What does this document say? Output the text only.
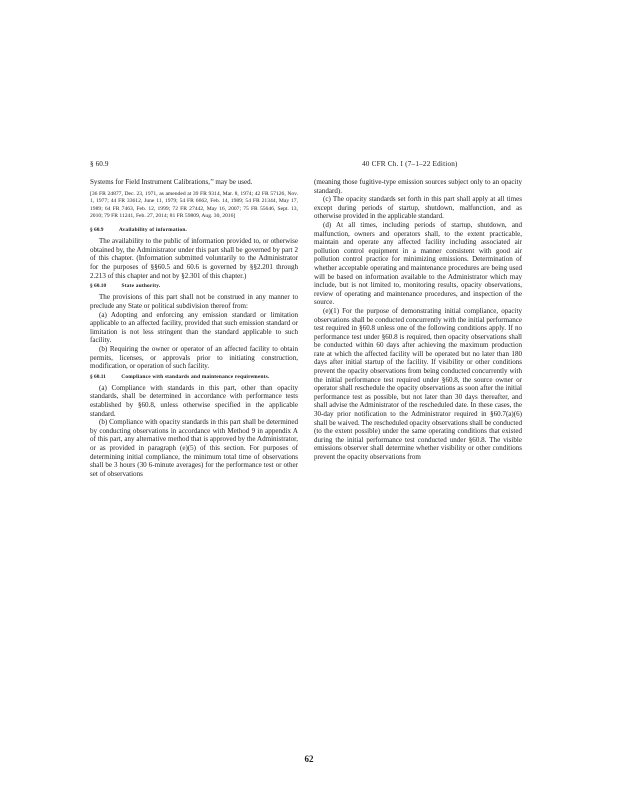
§ 60.9	40 CFR Ch. I (7–1–22 Edition)

Systems for Field Instrument Calibrations,’’ may be used.

[36 FR 24877, Dec. 23, 1971, as amended at 39 FR 9314, Mar. 8, 1974; 42 FR 57126, Nov. 1, 1977; 44 FR 33612, June 11, 1979; 54 FR 6662, Feb. 14, 1989; 54 FR 21344, May 17, 1989; 64 FR 7463, Feb. 12, 1999; 72 FR 27442, May 16, 2007; 75 FR 55646, Sept. 13, 2010; 79 FR 11241, Feb. 27, 2014; 81 FR 59809, Aug. 30, 2016]

§ 60.9	Availability of information.

The availability to the public of information provided to, or otherwise obtained by, the Administrator under this part shall be governed by part 2 of this chapter. (Information submitted voluntarily to the Administrator for the purposes of §§60.5 and 60.6 is governed by §§2.201 through 2.213 of this chapter and not by §2.301 of this chapter.)

§ 60.10	State authority.

The provisions of this part shall not be construed in any manner to preclude any State or political subdivision thereof from:

(a) Adopting and enforcing any emission standard or limitation applicable to an affected facility, provided that such emission standard or limitation is not less stringent than the standard applicable to such facility.

(b) Requiring the owner or operator of an affected facility to obtain permits, licenses, or approvals prior to initiating construction, modification, or operation of such facility.

§ 60.11	Compliance with standards and maintenance requirements.

(a) Compliance with standards in this part, other than opacity standards, shall be determined in accordance with performance tests established by §60.8, unless otherwise specified in the applicable standard.

(b) Compliance with opacity standards in this part shall be determined by conducting observations in accordance with Method 9 in appendix A of this part, any alternative method that is approved by the Administrator, or as provided in paragraph (e)(5) of this section. For purposes of determining initial compliance, the minimum total time of observations shall be 3 hours (30 6-minute averages) for the performance test or other set of observations

(meaning those fugitive-type emission sources subject only to an opacity standard).

(c) The opacity standards set forth in this part shall apply at all times except during periods of startup, shutdown, malfunction, and as otherwise provided in the applicable standard.

(d) At all times, including periods of startup, shutdown, and malfunction, owners and operators shall, to the extent practicable, maintain and operate any affected facility including associated air pollution control equipment in a manner consistent with good air pollution control practice for minimizing emissions. Determination of whether acceptable operating and maintenance procedures are being used will be based on information available to the Administrator which may include, but is not limited to, monitoring results, opacity observations, review of operating and maintenance procedures, and inspection of the source.

(e)(1) For the purpose of demonstrating initial compliance, opacity observations shall be conducted concurrently with the initial performance test required in §60.8 unless one of the following conditions apply. If no performance test under §60.8 is required, then opacity observations shall be conducted within 60 days after achieving the maximum production rate at which the affected facility will be operated but no later than 180 days after initial startup of the facility. If visibility or other conditions prevent the opacity observations from being conducted concurrently with the initial performance test required under §60.8, the source owner or operator shall reschedule the opacity observations as soon after the initial performance test as possible, but not later than 30 days thereafter, and shall advise the Administrator of the rescheduled date. In these cases, the 30-day prior notification to the Administrator required in §60.7(a)(6) shall be waived. The rescheduled opacity observations shall be conducted (to the extent possible) under the same operating conditions that existed during the initial performance test conducted under §60.8. The visible emissions observer shall determine whether visibility or other conditions prevent the opacity observations from

62
